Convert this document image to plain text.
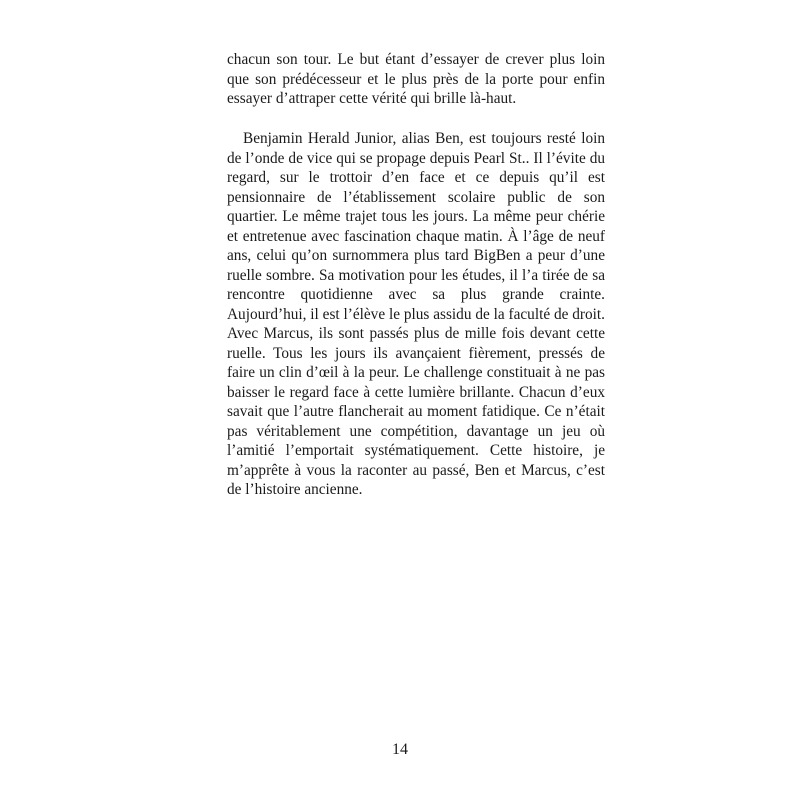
chacun son tour. Le but étant d’essayer de crever plus loin que son prédécesseur et le plus près de la porte pour enfin essayer d’attraper cette vérité qui brille là-haut.

Benjamin Herald Junior, alias Ben, est toujours resté loin de l’onde de vice qui se propage depuis Pearl St.. Il l’évite du regard, sur le trottoir d’en face et ce depuis qu’il est pensionnaire de l’établissement scolaire public de son quartier. Le même trajet tous les jours. La même peur chérie et entretenue avec fascination chaque matin. À l’âge de neuf ans, celui qu’on surnommera plus tard BigBen a peur d’une ruelle sombre. Sa motivation pour les études, il l’a tirée de sa rencontre quotidienne avec sa plus grande crainte. Aujourd’hui, il est l’élève le plus assidu de la faculté de droit. Avec Marcus, ils sont passés plus de mille fois devant cette ruelle. Tous les jours ils avançaient fièrement, pressés de faire un clin d’œil à la peur. Le challenge constituait à ne pas baisser le regard face à cette lumière brillante. Chacun d’eux savait que l’autre flancherait au moment fatidique. Ce n’était pas véritablement une compétition, davantage un jeu où l’amitié l’emportait systématiquement. Cette histoire, je m’apprête à vous la raconter au passé, Ben et Marcus, c’est de l’histoire ancienne.

14
